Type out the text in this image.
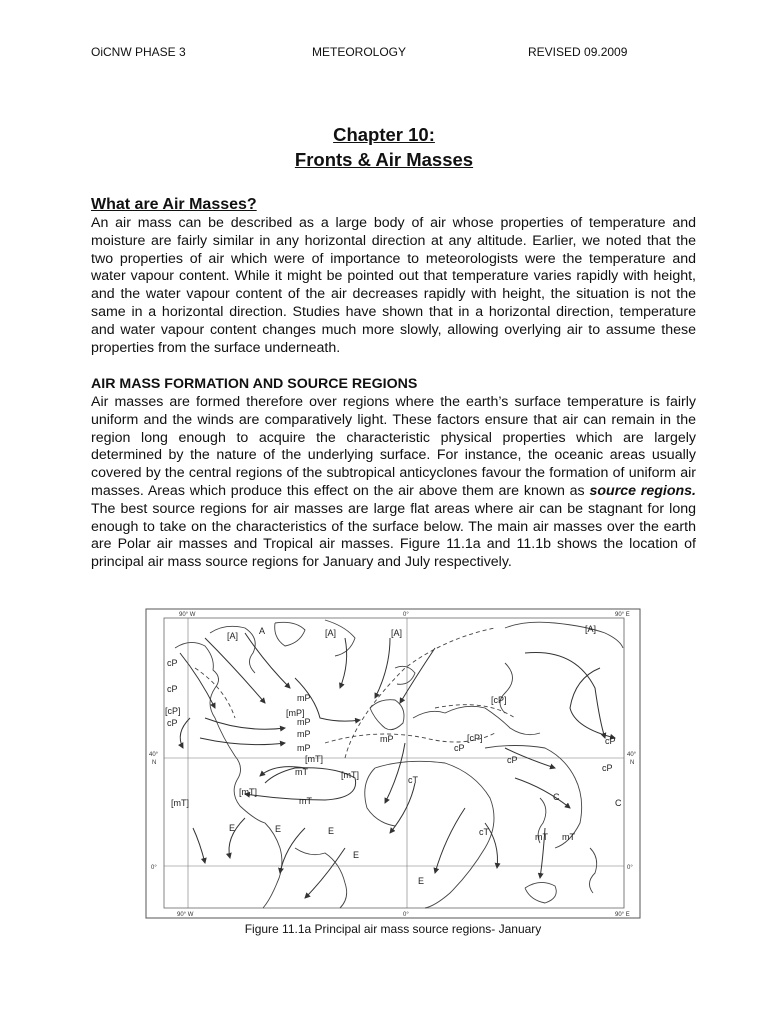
OiCNW PHASE 3	METEOROLOGY	REVISED 09.2009
Chapter 10:
Fronts & Air Masses
What are Air Masses?
An air mass can be described as a large body of air whose properties of temperature and moisture are fairly similar in any horizontal direction at any altitude. Earlier, we noted that the two properties of air which were of importance to meteorologists were the temperature and water vapour content. While it might be pointed out that temperature varies rapidly with height, and the water vapour content of the air decreases rapidly with height, the situation is not the same in a horizontal direction. Studies have shown that in a horizontal direction, temperature and water vapour content changes much more slowly, allowing overlying air to assume these properties from the surface underneath.
AIR MASS FORMATION AND SOURCE REGIONS
Air masses are formed therefore over regions where the earth’s surface temperature is fairly uniform and the winds are comparatively light. These factors ensure that air can remain in the region long enough to acquire the characteristic physical properties which are largely determined by the nature of the underlying surface. For instance, the oceanic areas usually covered by the central regions of the subtropical anticyclones favour the formation of uniform air masses. Areas which produce this effect on the air above them are known as source regions. The best source regions for air masses are large flat areas where air can be stagnant for long enough to take on the characteristics of the surface below. The main air masses over the earth are Polar air masses and Tropical air masses. Figure 11.1a and 11.1b shows the location of principal air mass source regions for January and July respectively.
90° W	0°	90° E
90° W	0°	90° E
40°
N
40°
N
0°	0°
[A] A	[A]	[A]	[A]
cP
cP
[cP]
cP
[cP]
cP
[cP]
cP
cP
cP
mP
[mP]
mP
mP
mP
mP
[mT]
mT	[mT]
[mT]
mT
[mT]
mT mT
cT
cT
E	E	E
E
E
C
C
Figure 11.1a Principal air mass source regions- January
